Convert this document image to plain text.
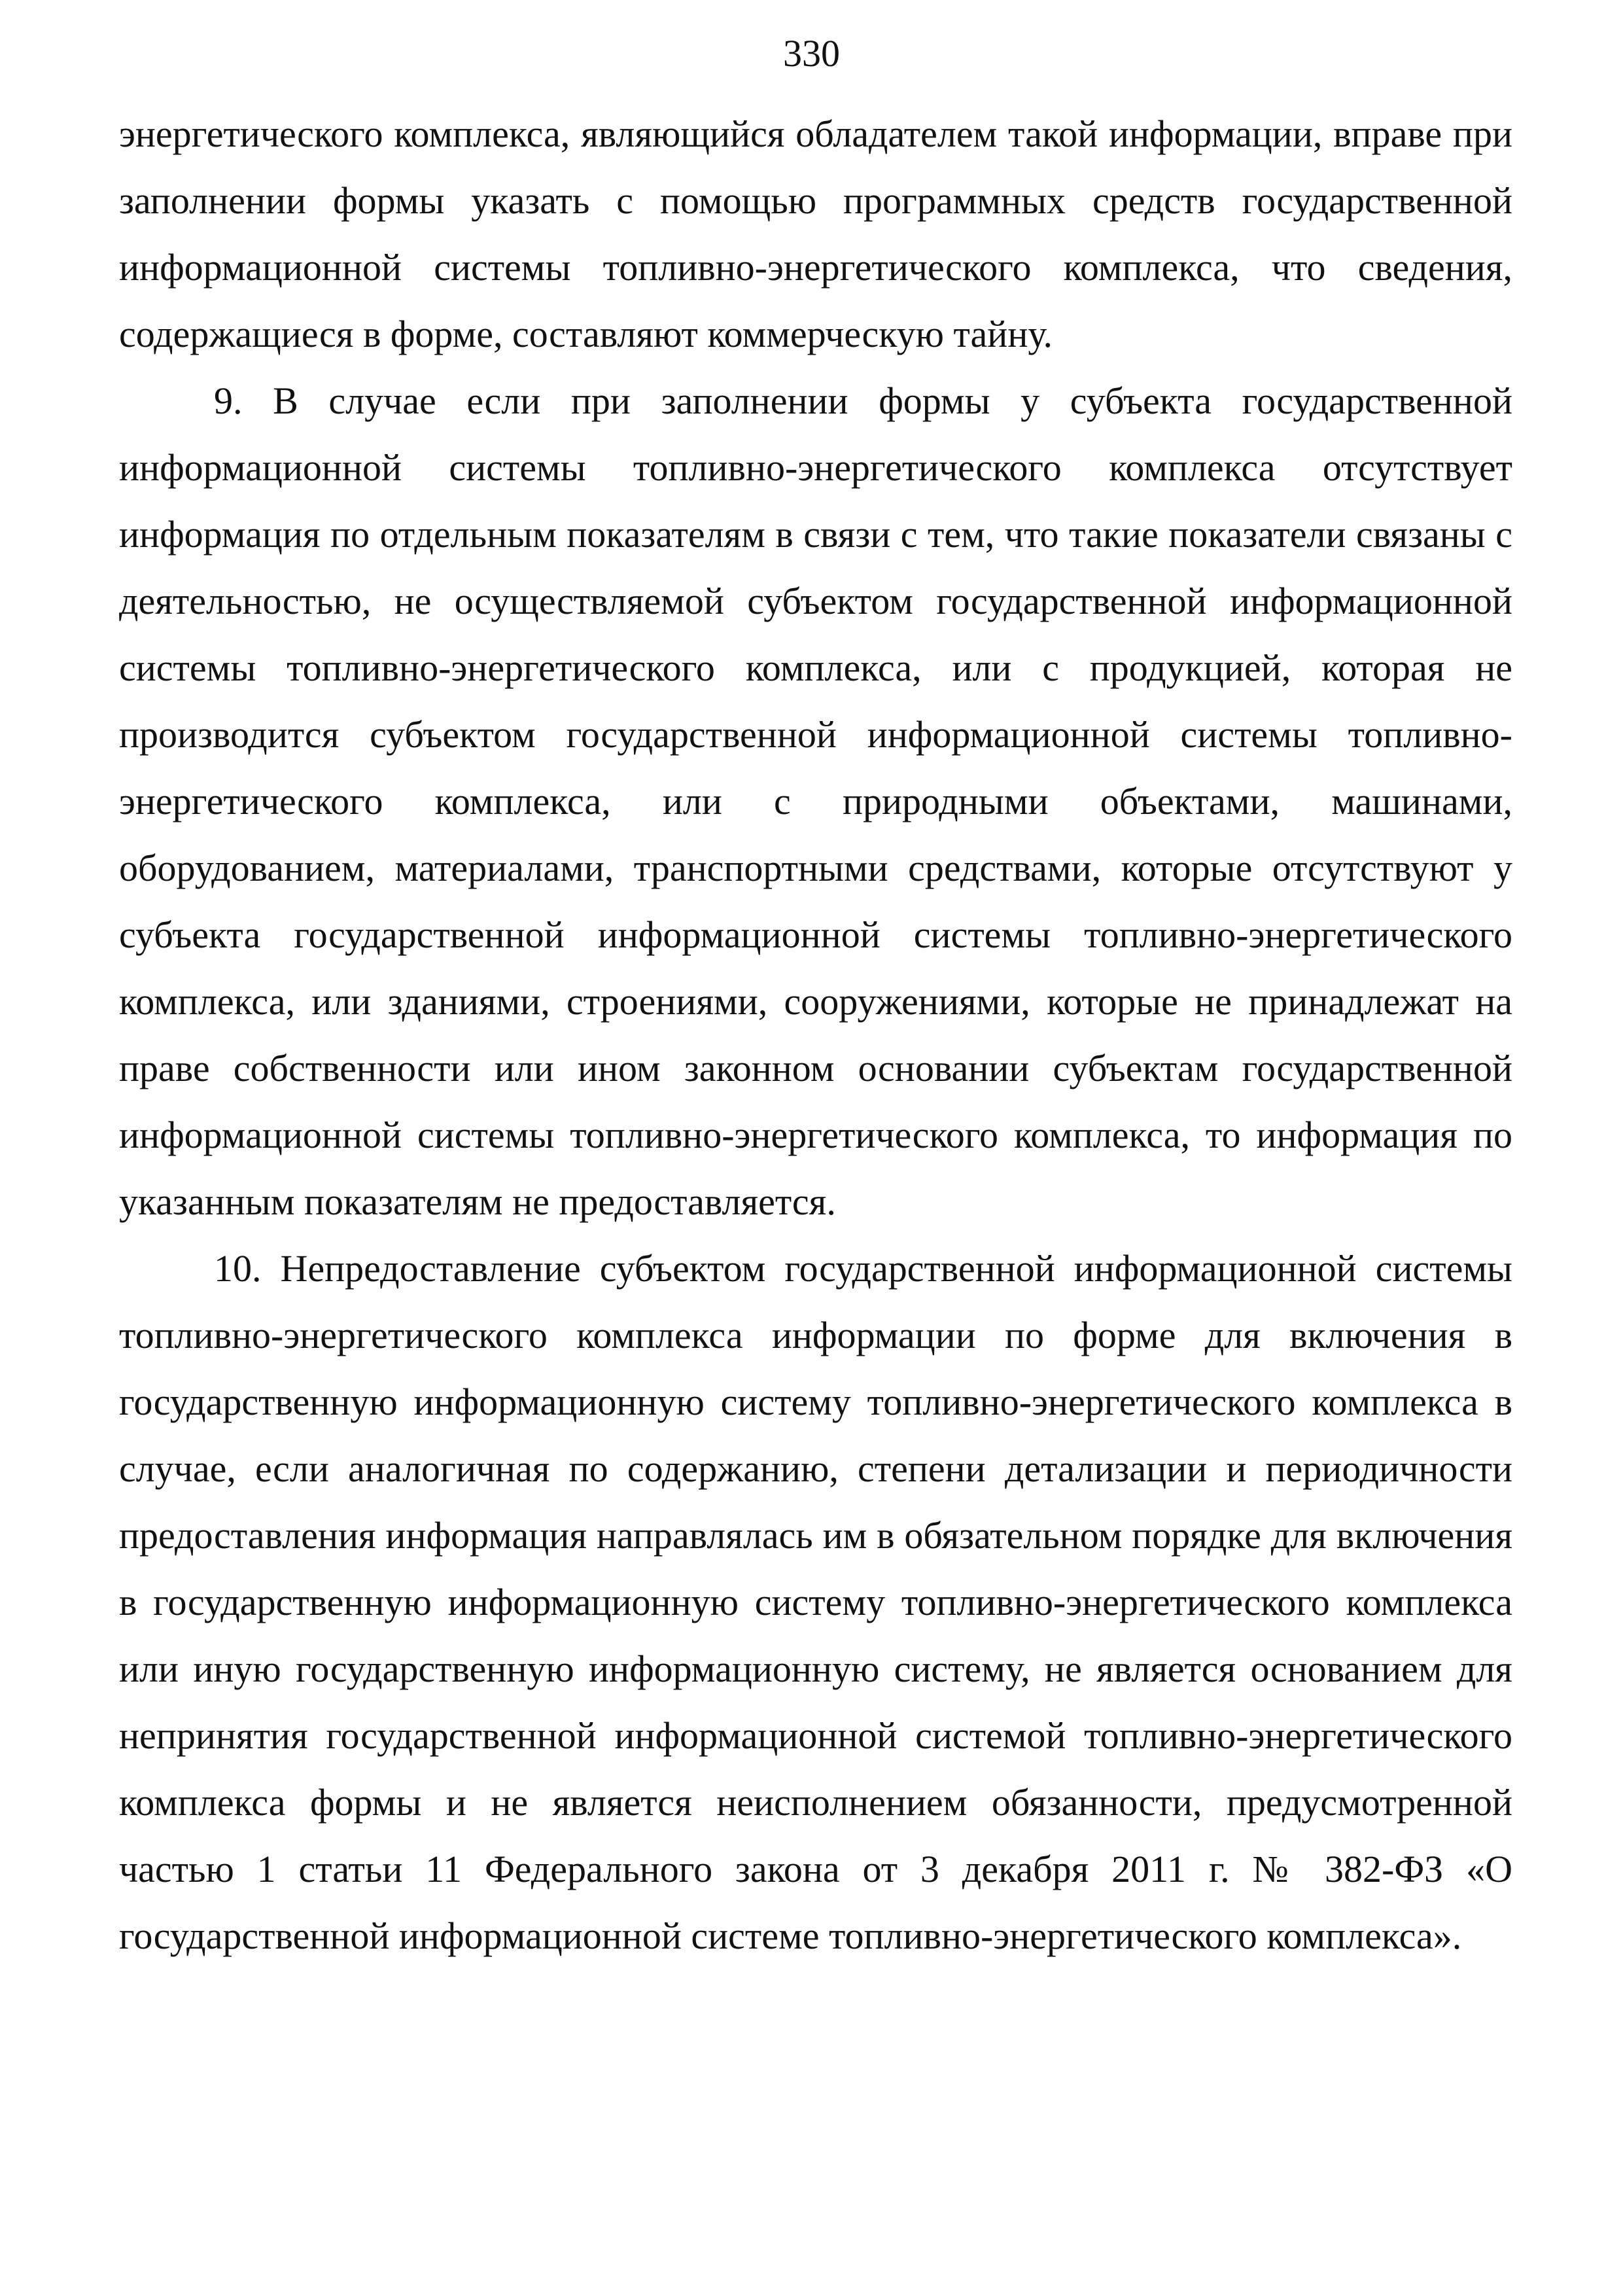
330

энергетического комплекса, являющийся обладателем такой информации, вправе при заполнении формы указать с помощью программных средств государственной информационной системы топливно-энергетического комплекса, что сведения, содержащиеся в форме, составляют коммерческую тайну.

9. В случае если при заполнении формы у субъекта государственной информационной системы топливно-энергетического комплекса отсутствует информация по отдельным показателям в связи с тем, что такие показатели связаны с деятельностью, не осуществляемой субъектом государственной информационной системы топливно-энергетического комплекса, или с продукцией, которая не производится субъектом государственной информационной системы топливно-энергетического комплекса, или с природными объектами, машинами, оборудованием, материалами, транспортными средствами, которые отсутствуют у субъекта государственной информационной системы топливно-энергетического комплекса, или зданиями, строениями, сооружениями, которые не принадлежат на праве собственности или ином законном основании субъектам государственной информационной системы топливно-энергетического комплекса, то информация по указанным показателям не предоставляется.

10. Непредоставление субъектом государственной информационной системы топливно-энергетического комплекса информации по форме для включения в государственную информационную систему топливно-энергетического комплекса в случае, если аналогичная по содержанию, степени детализации и периодичности предоставления информация направлялась им в обязательном порядке для включения в государственную информационную систему топливно-энергетического комплекса или иную государственную информационную систему, не является основанием для непринятия государственной информационной системой топливно-энергетического комплекса формы и не является неисполнением обязанности, предусмотренной частью 1 статьи 11 Федерального закона от 3 декабря 2011 г. № 382-ФЗ «О государственной информационной системе топливно-энергетического комплекса».
